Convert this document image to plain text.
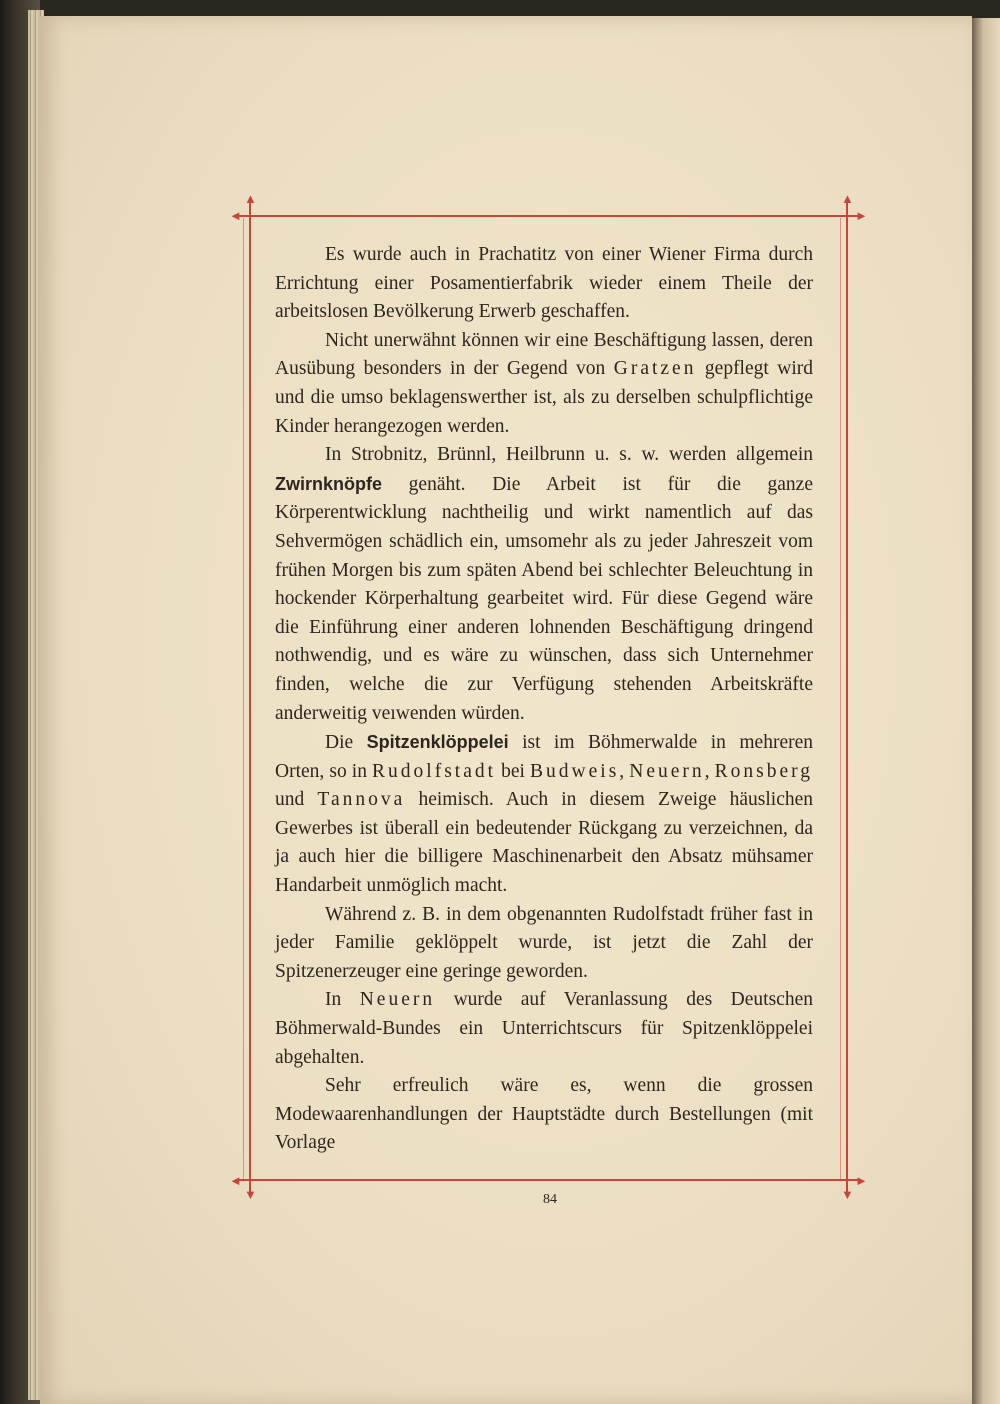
◄
▲
►
▲
◄
▼
►
▼

Es wurde auch in Prachatitz von einer Wiener Firma durch Errichtung einer Posamentierfabrik wieder einem Theile der arbeitslosen Bevölkerung Erwerb geschaffen.

Nicht unerwähnt können wir eine Beschäftigung lassen, deren Ausübung besonders in der Gegend von Gratzen gepflegt wird und die umso beklagenswerther ist, als zu derselben schulpflichtige Kinder herangezogen werden.

In Strobnitz, Brünnl, Heilbrunn u. s. w. werden allgemein Zwirnknöpfe genäht. Die Arbeit ist für die ganze Körperentwicklung nachtheilig und wirkt namentlich auf das Sehvermögen schädlich ein, umsomehr als zu jeder Jahreszeit vom frühen Morgen bis zum späten Abend bei schlechter Beleuchtung in hockender Körperhaltung gearbeitet wird. Für diese Gegend wäre die Einführung einer anderen lohnenden Beschäftigung dringend nothwendig, und es wäre zu wünschen, dass sich Unternehmer finden, welche die zur Verfügung stehenden Arbeitskräfte anderweitig veıwenden würden.

Die Spitzenklöppelei ist im Böhmerwalde in mehreren Orten, so in Rudolfstadt bei Budweis, Neuern, Ronsberg und Tannova heimisch. Auch in diesem Zweige häuslichen Gewerbes ist überall ein bedeutender Rückgang zu verzeichnen, da ja auch hier die billigere Maschinenarbeit den Absatz mühsamer Handarbeit unmöglich macht.

Während z. B. in dem obgenannten Rudolfstadt früher fast in jeder Familie geklöppelt wurde, ist jetzt die Zahl der Spitzenerzeuger eine geringe geworden.

In Neuern wurde auf Veranlassung des Deutschen Böhmerwald-Bundes ein Unterrichtscurs für Spitzenklöppelei abgehalten.

Sehr erfreulich wäre es, wenn die grossen Modewaarenhandlungen der Hauptstädte durch Bestellungen (mit Vorlage

84
